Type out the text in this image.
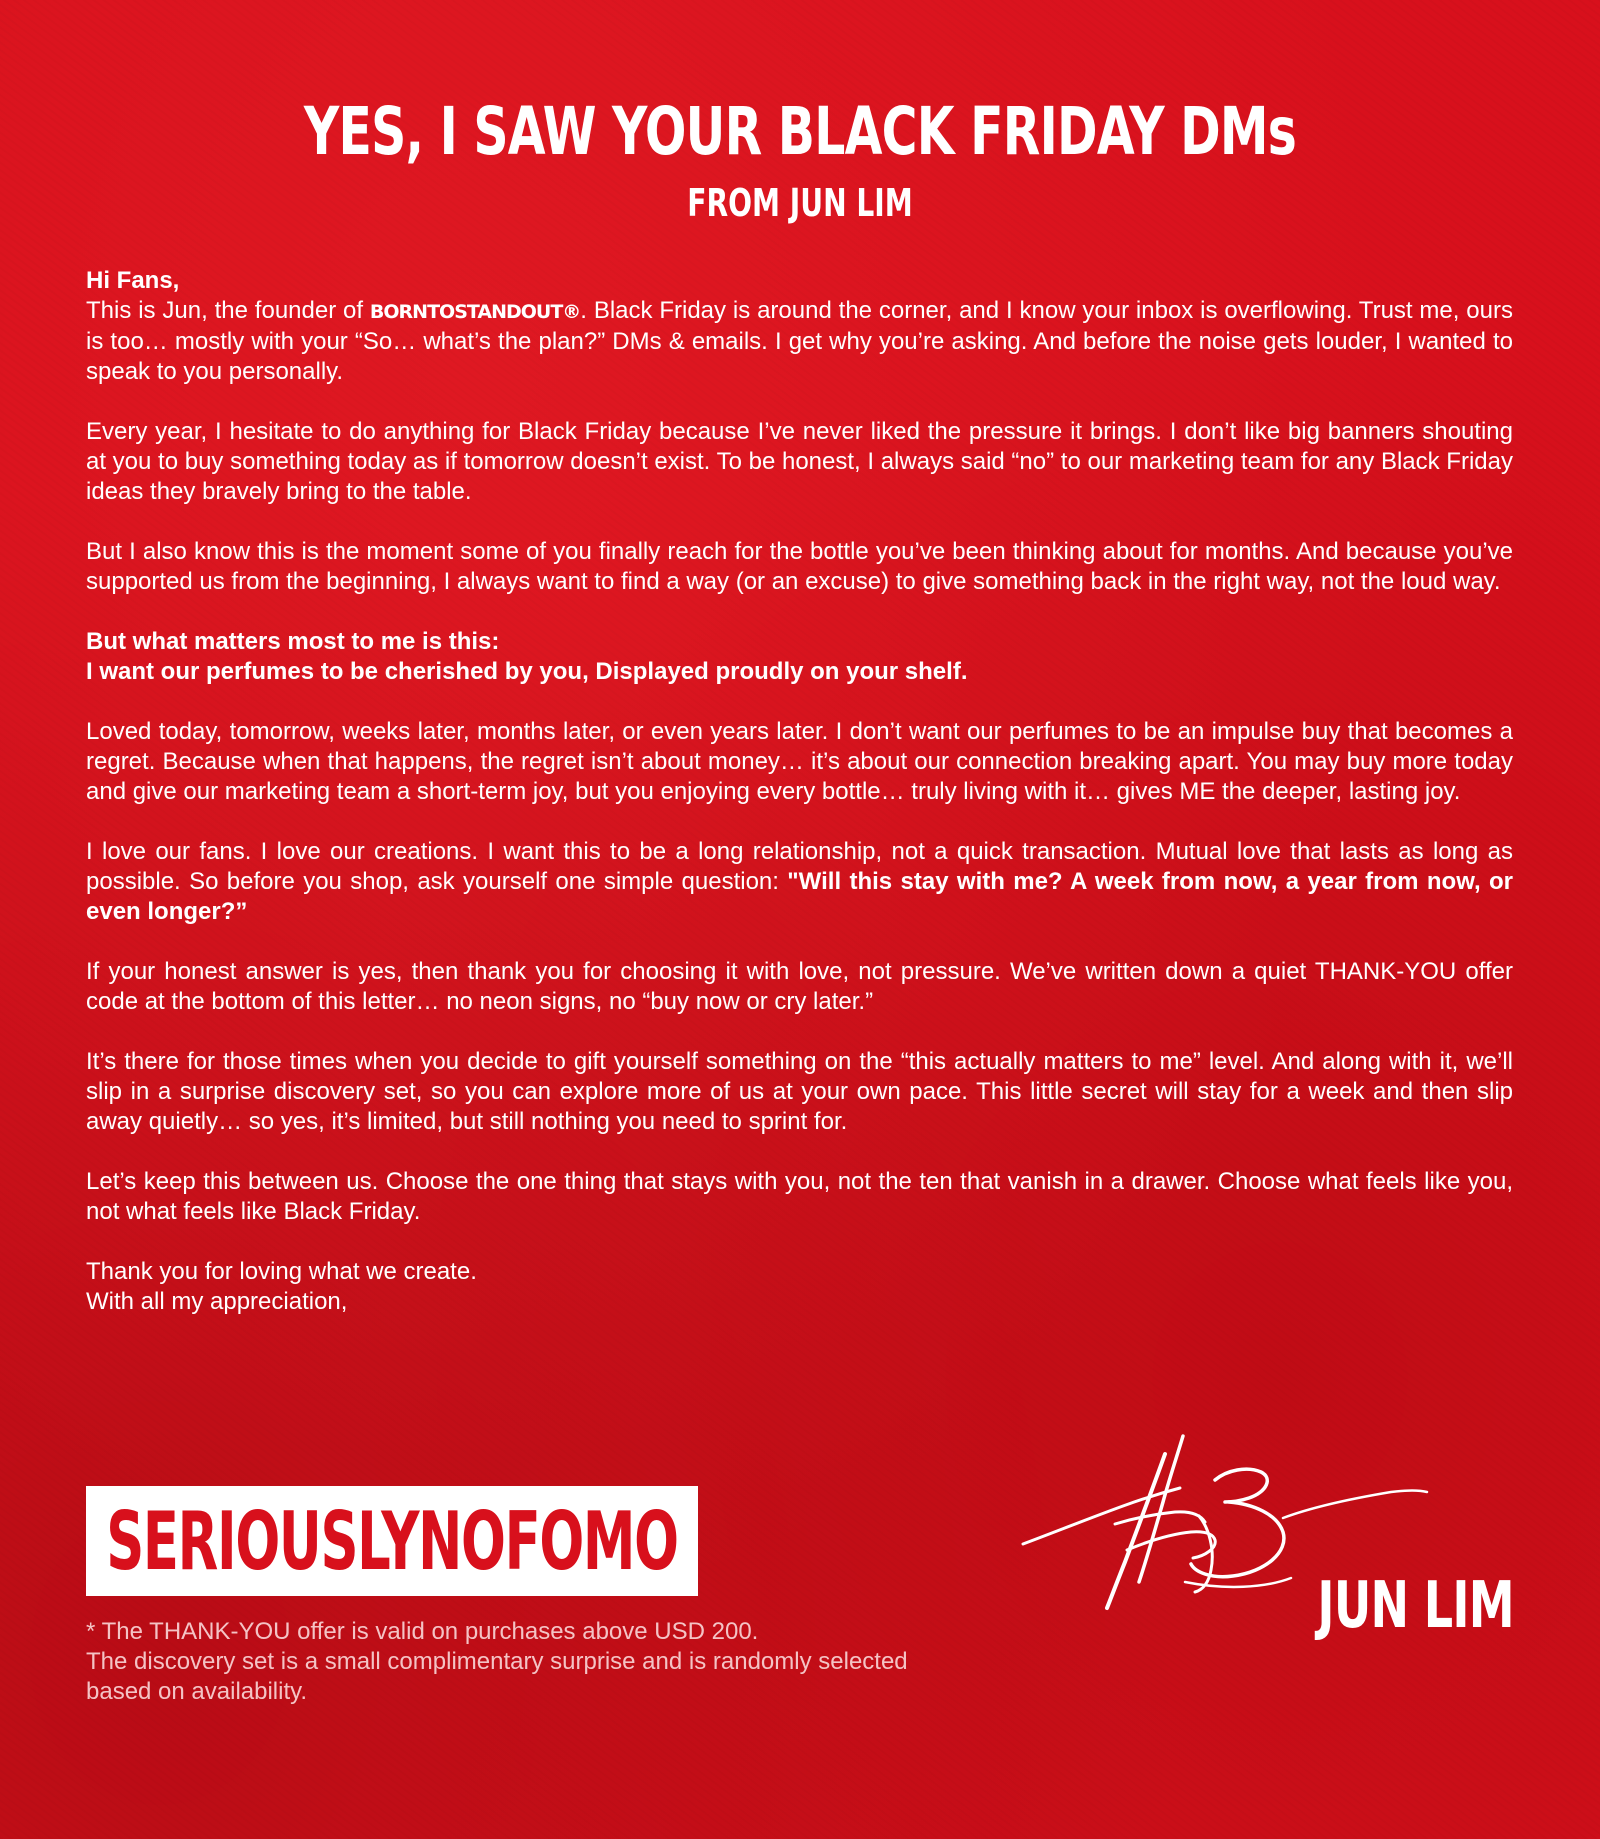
YES, I SAW YOUR BLACK FRIDAY DMs
FROM JUN LIM

Hi Fans,

This is Jun, the founder of BORNTOSTANDOUT®. Black Friday is around the corner, and I know your inbox is overflowing. Trust me, ours is too… mostly with your “So… what’s the plan?” DMs & emails. I get why you’re asking. And before the noise gets louder, I wanted to speak to you personally.

Every year, I hesitate to do anything for Black Friday because I’ve never liked the pressure it brings. I don’t like big banners shouting at you to buy something today as if tomorrow doesn’t exist. To be honest, I always said “no” to our marketing team for any Black Friday ideas they bravely bring to the table.

But I also know this is the moment some of you finally reach for the bottle you’ve been thinking about for months. And because you’ve supported us from the beginning, I always want to find a way (or an excuse) to give something back in the right way, not the loud way.

But what matters most to me is this:

I want our perfumes to be cherished by you, Displayed proudly on your shelf.

Loved today, tomorrow, weeks later, months later, or even years later. I don’t want our perfumes to be an impulse buy that becomes a regret. Because when that happens, the regret isn’t about money… it’s about our connection breaking apart. You may buy more today and give our marketing team a short-term joy, but you enjoying every bottle… truly living with it… gives ME the deeper, lasting joy.

I love our fans. I love our creations. I want this to be a long relationship, not a quick transaction. Mutual love that lasts as long as possible. So before you shop, ask yourself one simple question: "Will this stay with me? A week from now, a year from now, or even longer?”

If your honest answer is yes, then thank you for choosing it with love, not pressure. We’ve written down a quiet THANK-YOU offer code at the bottom of this letter… no neon signs, no “buy now or cry later.”

It’s there for those times when you decide to gift yourself something on the “this actually matters to me” level. And along with it, we’ll slip in a surprise discovery set, so you can explore more of us at your own pace. This little secret will stay for a week and then slip away quietly… so yes, it’s limited, but still nothing you need to sprint for.

Let’s keep this between us. Choose the one thing that stays with you, not the ten that vanish in a drawer. Choose what feels like you, not what feels like Black Friday.

Thank you for loving what we create.

With all my appreciation,

SERIOUSLYNOFOMO
* The THANK-YOU offer is valid on purchases above USD 200.
The discovery set is a small complimentary surprise and is randomly selected based on availability.
JUN LIM
